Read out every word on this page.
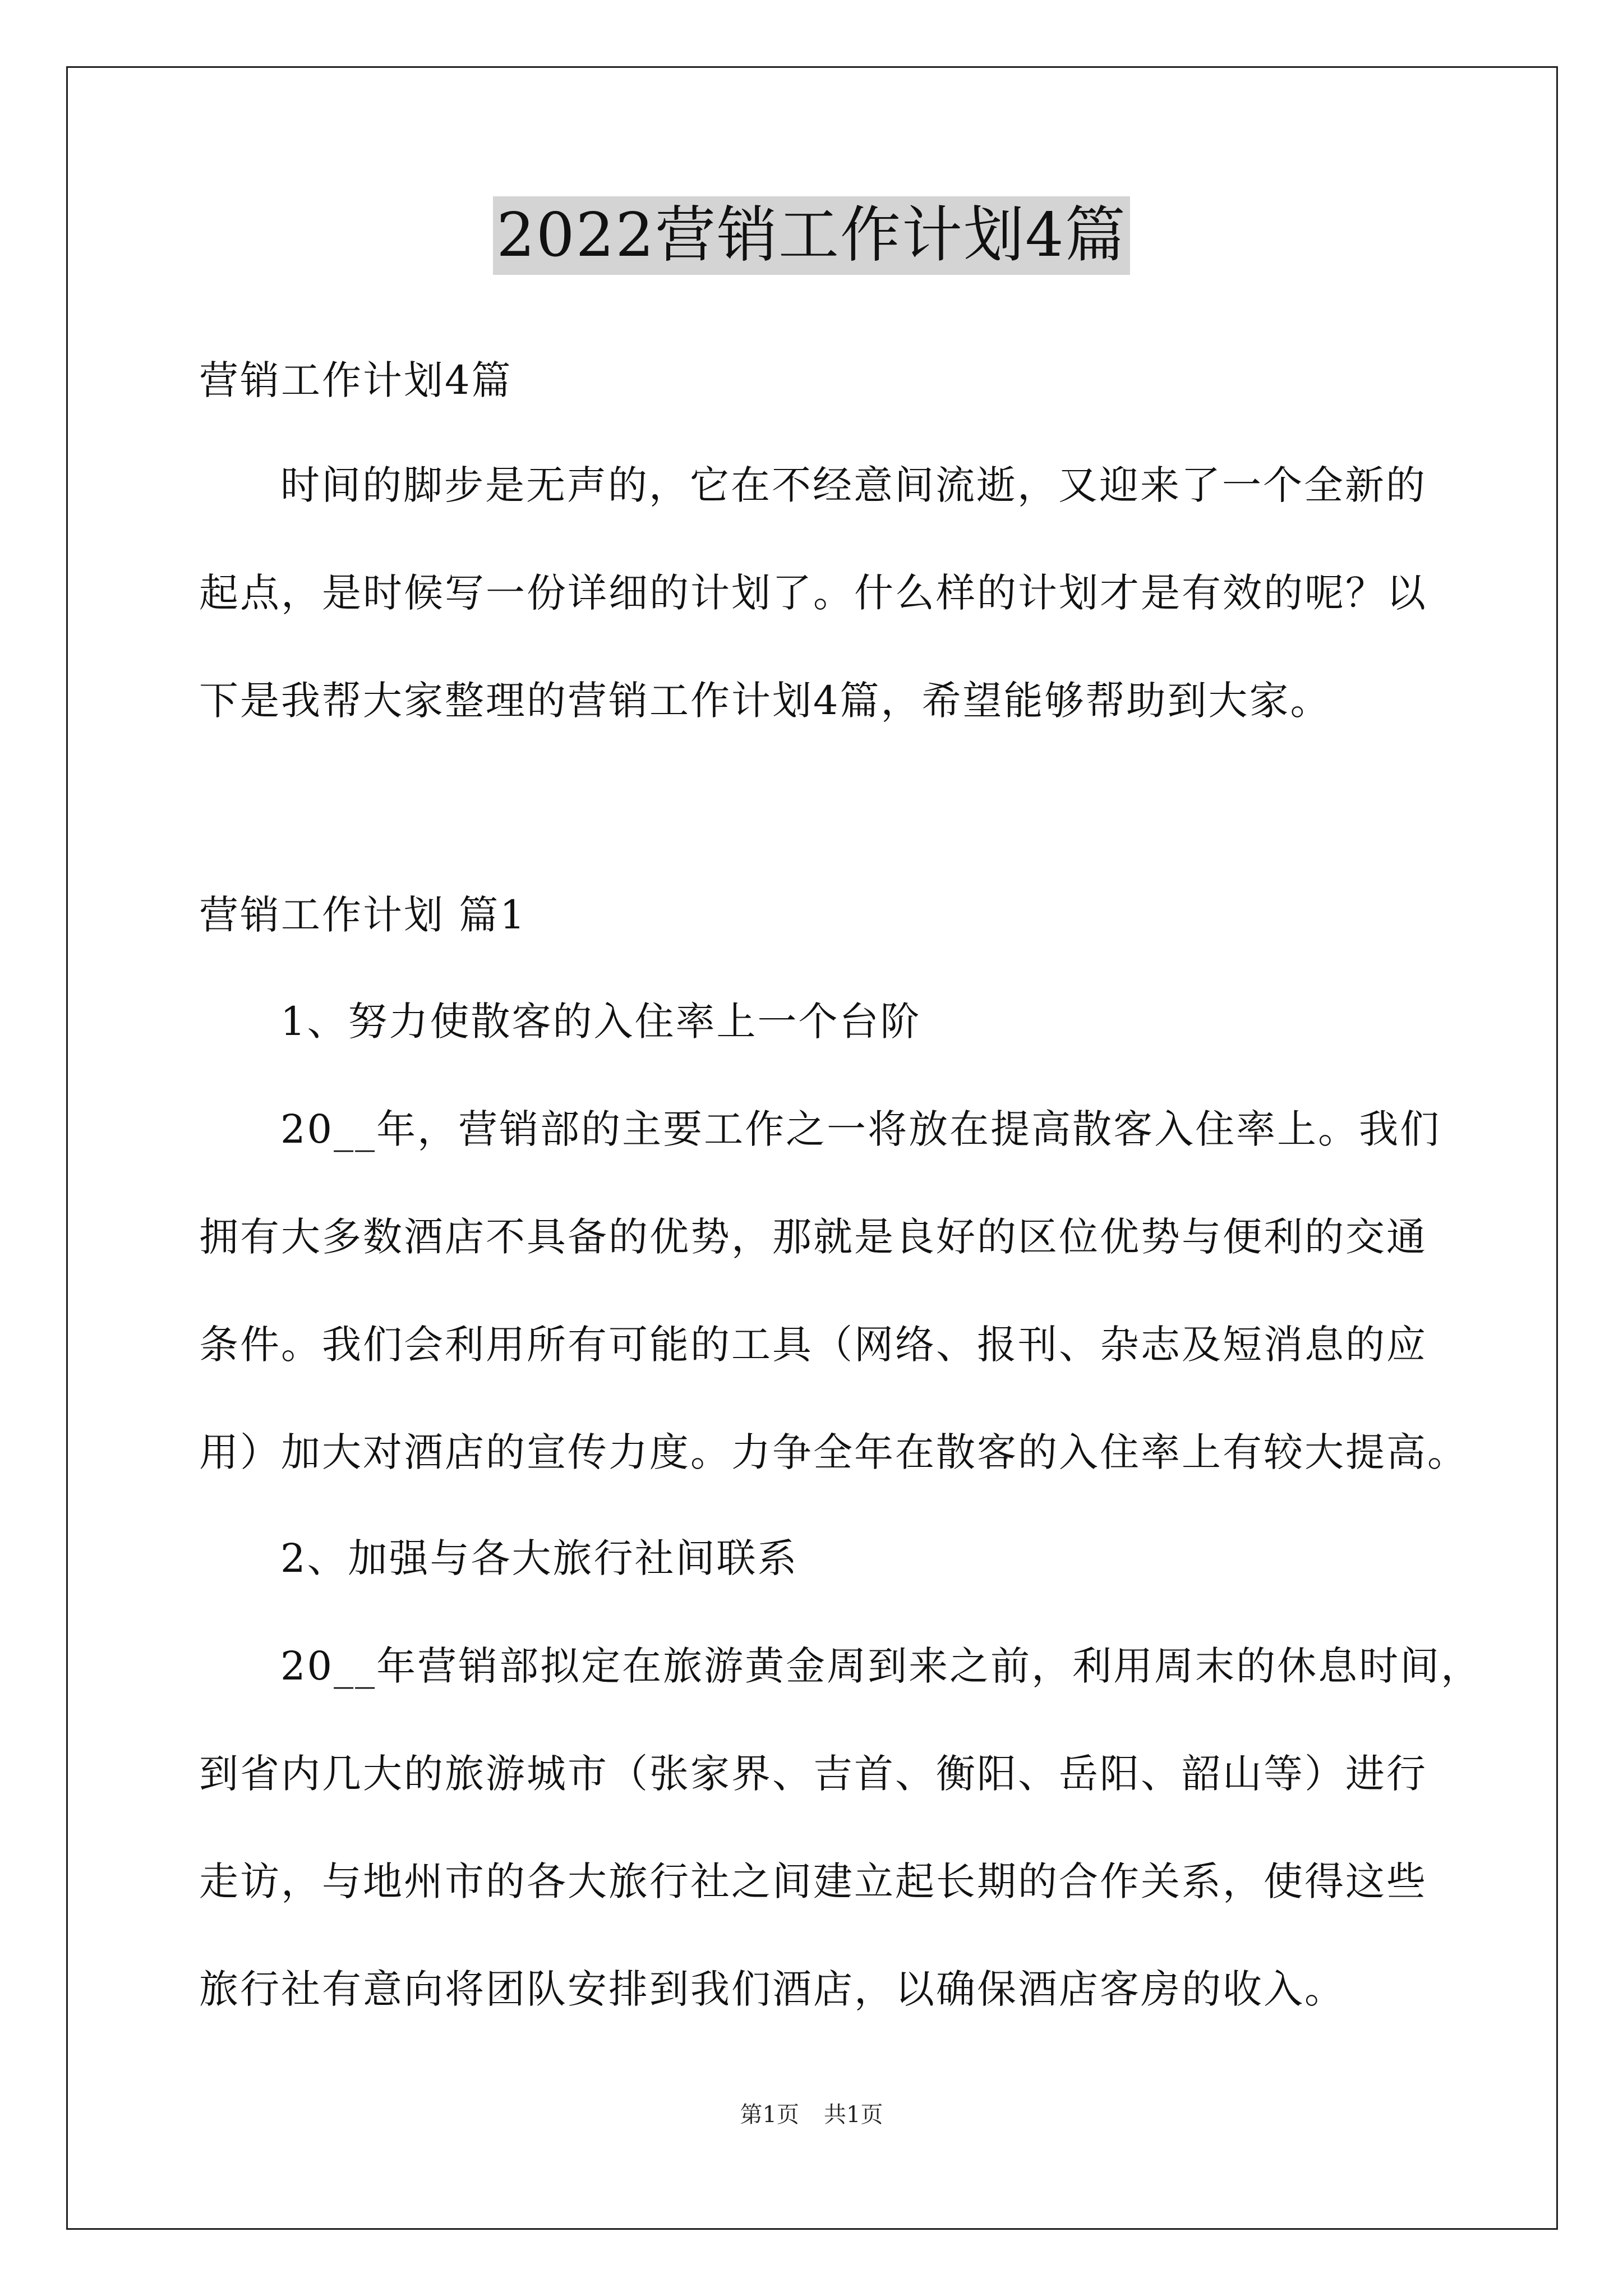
2022营销工作计划4篇
营销工作计划4篇
时间的脚步是无声的，它在不经意间流逝，又迎来了一个全新的
起点，是时候写一份详细的计划了。什么样的计划才是有效的呢？以
下是我帮大家整理的营销工作计划4篇，希望能够帮助到大家。
营销工作计划 篇1
1、努力使散客的入住率上一个台阶
20__年，营销部的主要工作之一将放在提高散客入住率上。我们
拥有大多数酒店不具备的优势，那就是良好的区位优势与便利的交通
条件。我们会利用所有可能的工具（网络、报刊、杂志及短消息的应
用）加大对酒店的宣传力度。力争全年在散客的入住率上有较大提高。
2、加强与各大旅行社间联系
20__年营销部拟定在旅游黄金周到来之前，利用周末的休息时间，
到省内几大的旅游城市（张家界、吉首、衡阳、岳阳、韶山等）进行
走访，与地州市的各大旅行社之间建立起长期的合作关系，使得这些
旅行社有意向将团队安排到我们酒店，以确保酒店客房的收入。
第1页 共1页
